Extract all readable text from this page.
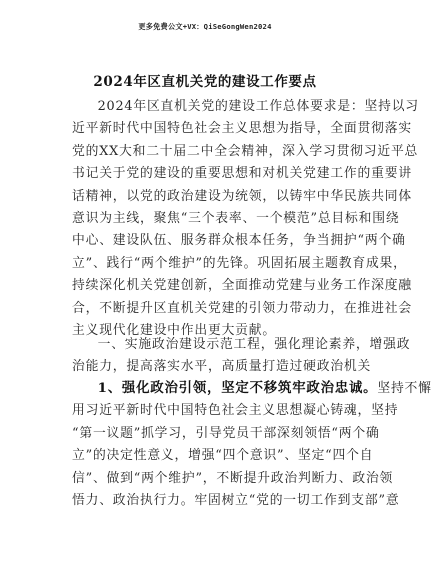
更多免费公文+VX：QiSeGongWen2024
2024年区直机关党的建设工作要点
2024年区直机关党的建设工作总体要求是：坚持以习
近平新时代中国特色社会主义思想为指导，全面贯彻落实
党的XX大和二十届二中全会精神，深入学习贯彻习近平总
书记关于党的建设的重要思想和对机关党建工作的重要讲
话精神，以党的政治建设为统领，以铸牢中华民族共同体
意识为主线，聚焦“三个表率、一个模范”总目标和围绕
中心、建设队伍、服务群众根本任务，争当拥护“两个确
立”、践行“两个维护”的先锋。巩固拓展主题教育成果，
持续深化机关党建创新，全面推动党建与业务工作深度融
合，不断提升区直机关党建的引领力带动力，在推进社会
主义现代化建设中作出更大贡献。
一、实施政治建设示范工程，强化理论素养，增强政
治能力，提高落实水平，高质量打造过硬政治机关
1、强化政治引领，坚定不移筑牢政治忠诚。坚持不懈
用习近平新时代中国特色社会主义思想凝心铸魂，坚持
“第一议题”抓学习，引导党员干部深刻领悟“两个确
立”的决定性意义，增强“四个意识”、坚定“四个自
信”、做到“两个维护”，不断提升政治判断力、政治领
悟力、政治执行力。牢固树立“党的一切工作到支部”意
